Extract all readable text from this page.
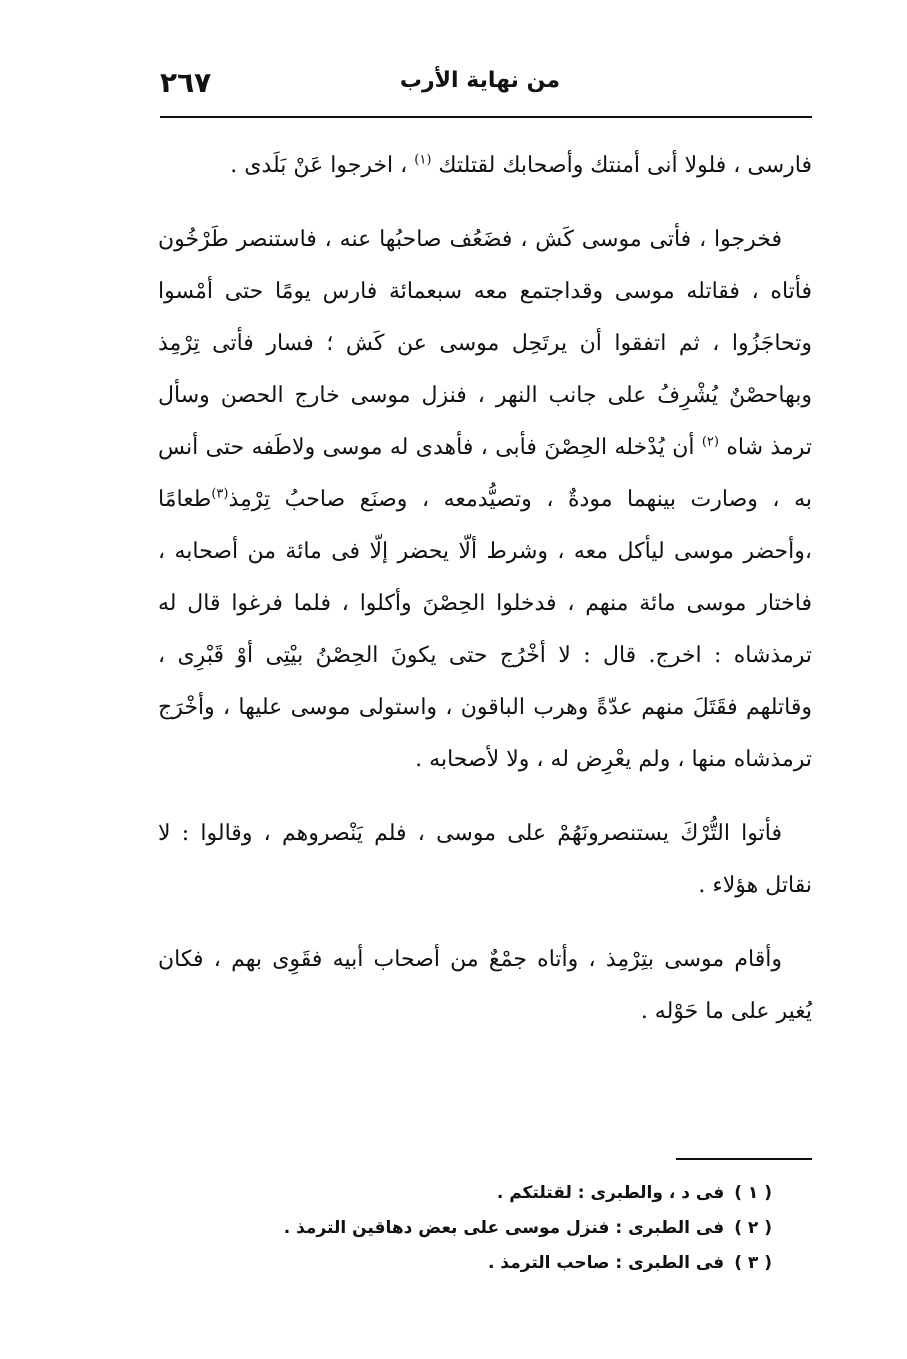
من نهاية الأرب
٢٦٧

فارسى ، فلولا أنى أمنتك وأصحابك لقتلتك $^{(١)}$ ، اخرجوا عَنْ بَلَدى .

فخرجوا ، فأتى موسى كَش ، فضَعُف صاحبُها عنه ، فاستنصر طَرْخُون فأتاه ، فقاتله موسى وقداجتمع معه سبعمائة فارس يومًا حتى أمْسوا وتحاجَزُوا ، ثم اتفقوا أن يرتَحِل موسى عن كَش ؛ فسار فأتى تِرْمِذ وبهاحصْنٌ يُشْرِفُ على جانب النهر ، فنزل موسى خارج الحصن وسأل ترمذ شاه $^{(٢)}$ أن يُدْخله الحِصْنَ فأبى ، فأهدى له موسى ولاطَفه حتى أنس به ، وصارت بينهما مودةٌ ، وتصيُّدمعه ، وصنَع صاحبُ تِرْمِذ$^{(٣)}$طعامًا ،وأحضر موسى ليأكل معه ، وشرط ألّا يحضر إلّا فى مائة من أصحابه ، فاختار موسى مائة منهم ، فدخلوا الحِصْنَ وأكلوا ، فلما فرغوا قال له ترمذشاه : اخرج. قال : لا أخْرُج حتى يكونَ الحِصْنُ بيْتِى أوْ قَبْرِى ، وقاتلهم فقَتَلَ منهم عدّةً وهرب الباقون ، واستولى موسى عليها ، وأخْرَج ترمذشاه منها ، ولم يعْرِض له ، ولا لأصحابه .

فأتوا التُّرْكَ يستنصرونَهُمْ على موسى ، فلم يَنْصروهم ، وقالوا : لا نقاتل هؤلاء .

وأقام موسى بتِرْمِذ ، وأتاه جمْعٌ من أصحاب أبيه فقَوِى بهم ، فكان يُغير على ما حَوْله .

( ١ )فى د ، والطبرى : لقتلتكم .
( ٢ )فى الطبرى : فنزل موسى على بعض دهاقين الترمذ .
( ٣ )فى الطبرى : صاحب الترمذ .
